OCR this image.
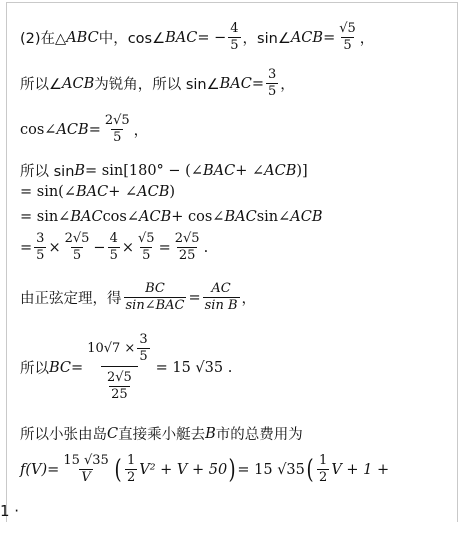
(2)在△ ABC 中，cos∠ BAC = − $\frac{4}{5}$ ，sin∠ ACB = $\frac{√5}{5}$ ，
所以∠ ACB 为锐角，所以 sin∠ BAC = $\frac{3}{5}$ ，
cos∠ ACB = $\frac{2√5}{5}$ ，
所以 sin B = sin[180° − (∠ BAC + ∠ ACB )]
= sin(∠ BAC + ∠ ACB )
= sin∠ BAC cos∠ ACB + cos∠ BAC sin∠ ACB
= $\frac{3}{5} \times \frac{2√5}{5} - \frac{4}{5} \times \frac{√5}{5} = \frac{2√5}{25}$ .
由正弦定理，得 $\frac{BC}{\text{sin∠BAC}} = \frac{AC}{\text{sin B}}$ ，
所以 BC = $\frac{10√7 \times \frac{3}{5}}{\frac{2√5}{25}} = 15$ √35 .
所以小张由岛 C 直接乘小艇去 B 市的总费用为
f $(V) = \frac{15 √35}{V}$ ( $\frac{1}{2} V^2 + V + 50$ ) = 15 √35 ( $\frac{1}{2}$ V + 1 +
1 ·
